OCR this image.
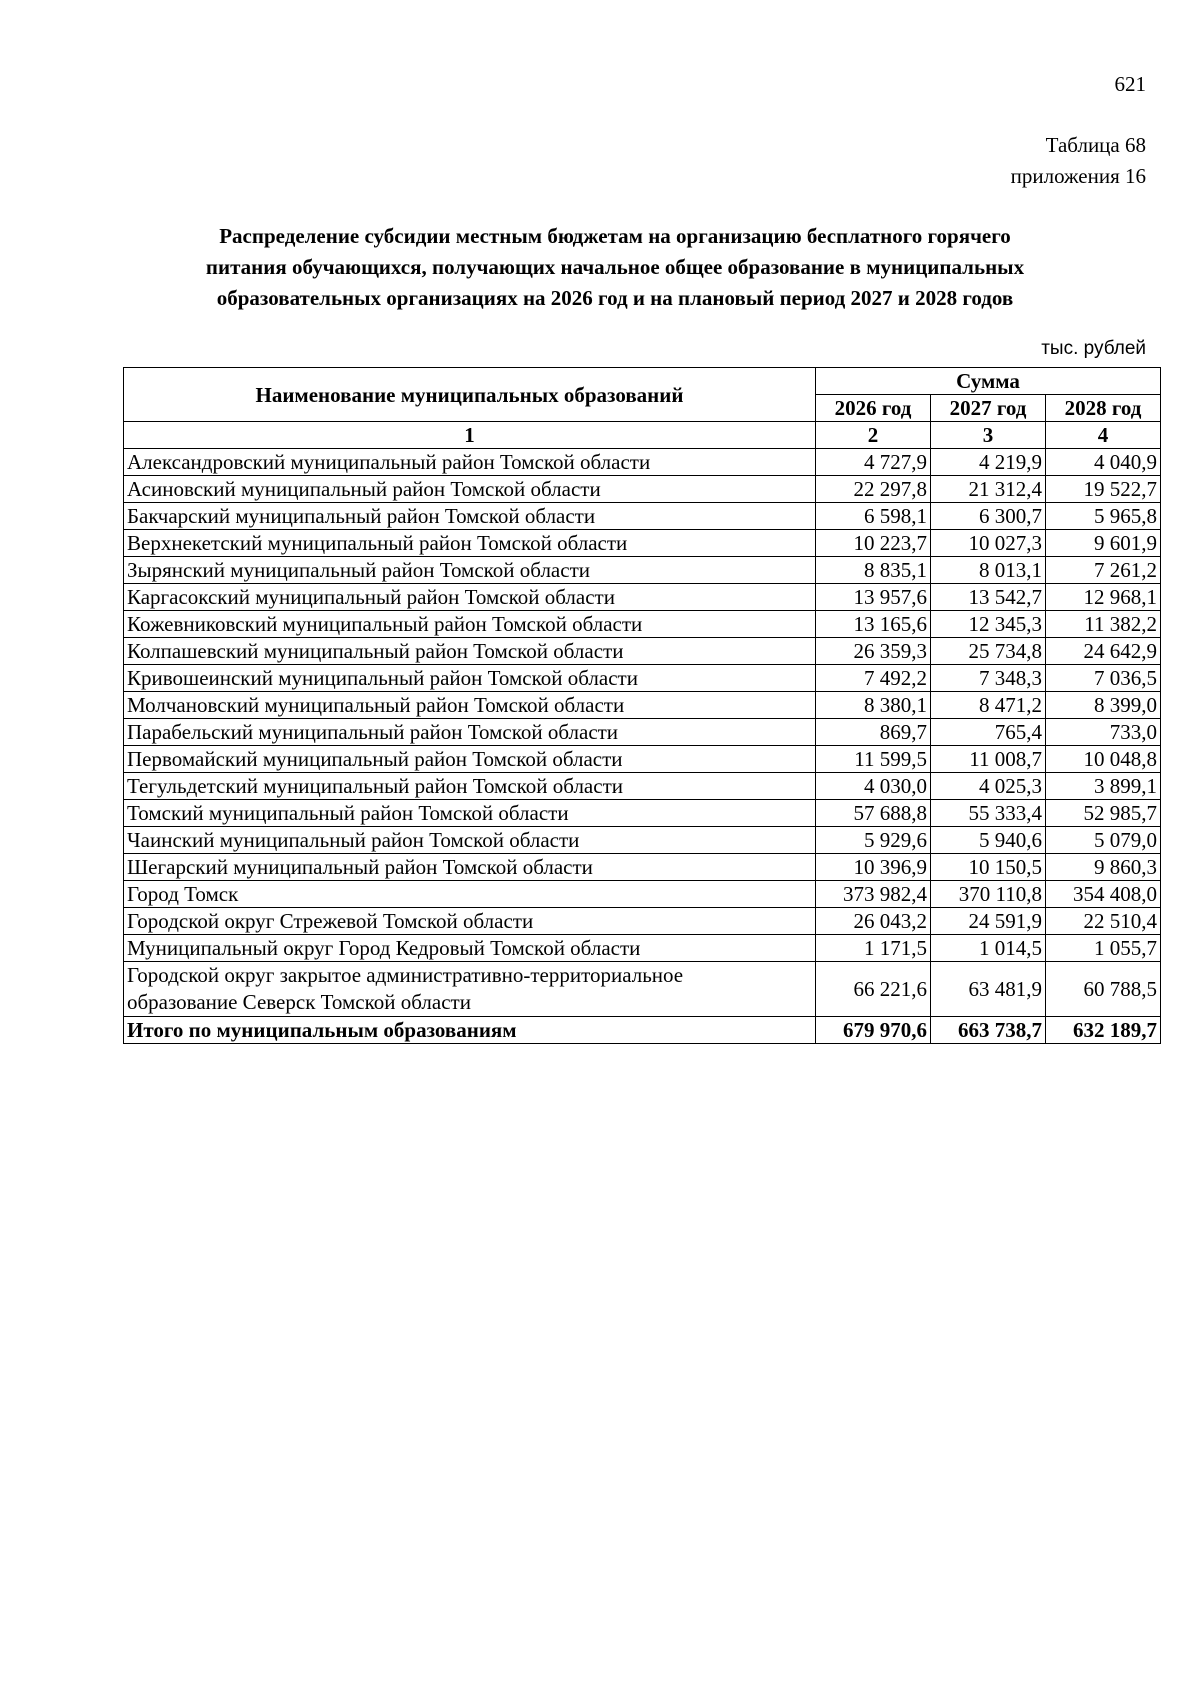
621
Таблица 68
приложения 16
Распределение субсидии местным бюджетам на организацию бесплатного горячего
питания обучающихся, получающих начальное общее образование в муниципальных
образовательных организациях на 2026 год и на плановый период 2027 и 2028 годов
тыс. рублей
Наименование муниципальных образований	Сумма		
	2026 год	2027 год	2028 год
1	2	3	4
Александровский муниципальный район Томской области	4 727,9	4 219,9	4 040,9
Асиновский муниципальный район Томской области	22 297,8	21 312,4	19 522,7
Бакчарский муниципальный район Томской области	6 598,1	6 300,7	5 965,8
Верхнекетский муниципальный район Томской области	10 223,7	10 027,3	9 601,9
Зырянский муниципальный район Томской области	8 835,1	8 013,1	7 261,2
Каргасокский муниципальный район Томской области	13 957,6	13 542,7	12 968,1
Кожевниковский муниципальный район Томской области	13 165,6	12 345,3	11 382,2
Колпашевский муниципальный район Томской области	26 359,3	25 734,8	24 642,9
Кривошеинский муниципальный район Томской области	7 492,2	7 348,3	7 036,5
Молчановский муниципальный район Томской области	8 380,1	8 471,2	8 399,0
Парабельский муниципальный район Томской области	869,7	765,4	733,0
Первомайский муниципальный район Томской области	11 599,5	11 008,7	10 048,8
Тегульдетский муниципальный район Томской области	4 030,0	4 025,3	3 899,1
Томский муниципальный район Томской области	57 688,8	55 333,4	52 985,7
Чаинский муниципальный район Томской области	5 929,6	5 940,6	5 079,0
Шегарский муниципальный район Томской области	10 396,9	10 150,5	9 860,3
Город Томск	373 982,4	370 110,8	354 408,0
Городской округ Стрежевой Томской области	26 043,2	24 591,9	22 510,4
Муниципальный округ Город Кедровый Томской области	1 171,5	1 014,5	1 055,7

Городской округ закрытое административно-территориальное
образование Северск Томской области	66 221,6	63 481,9	60 788,5
Итого по муниципальным образованиям	679 970,6	663 738,7	632 189,7
